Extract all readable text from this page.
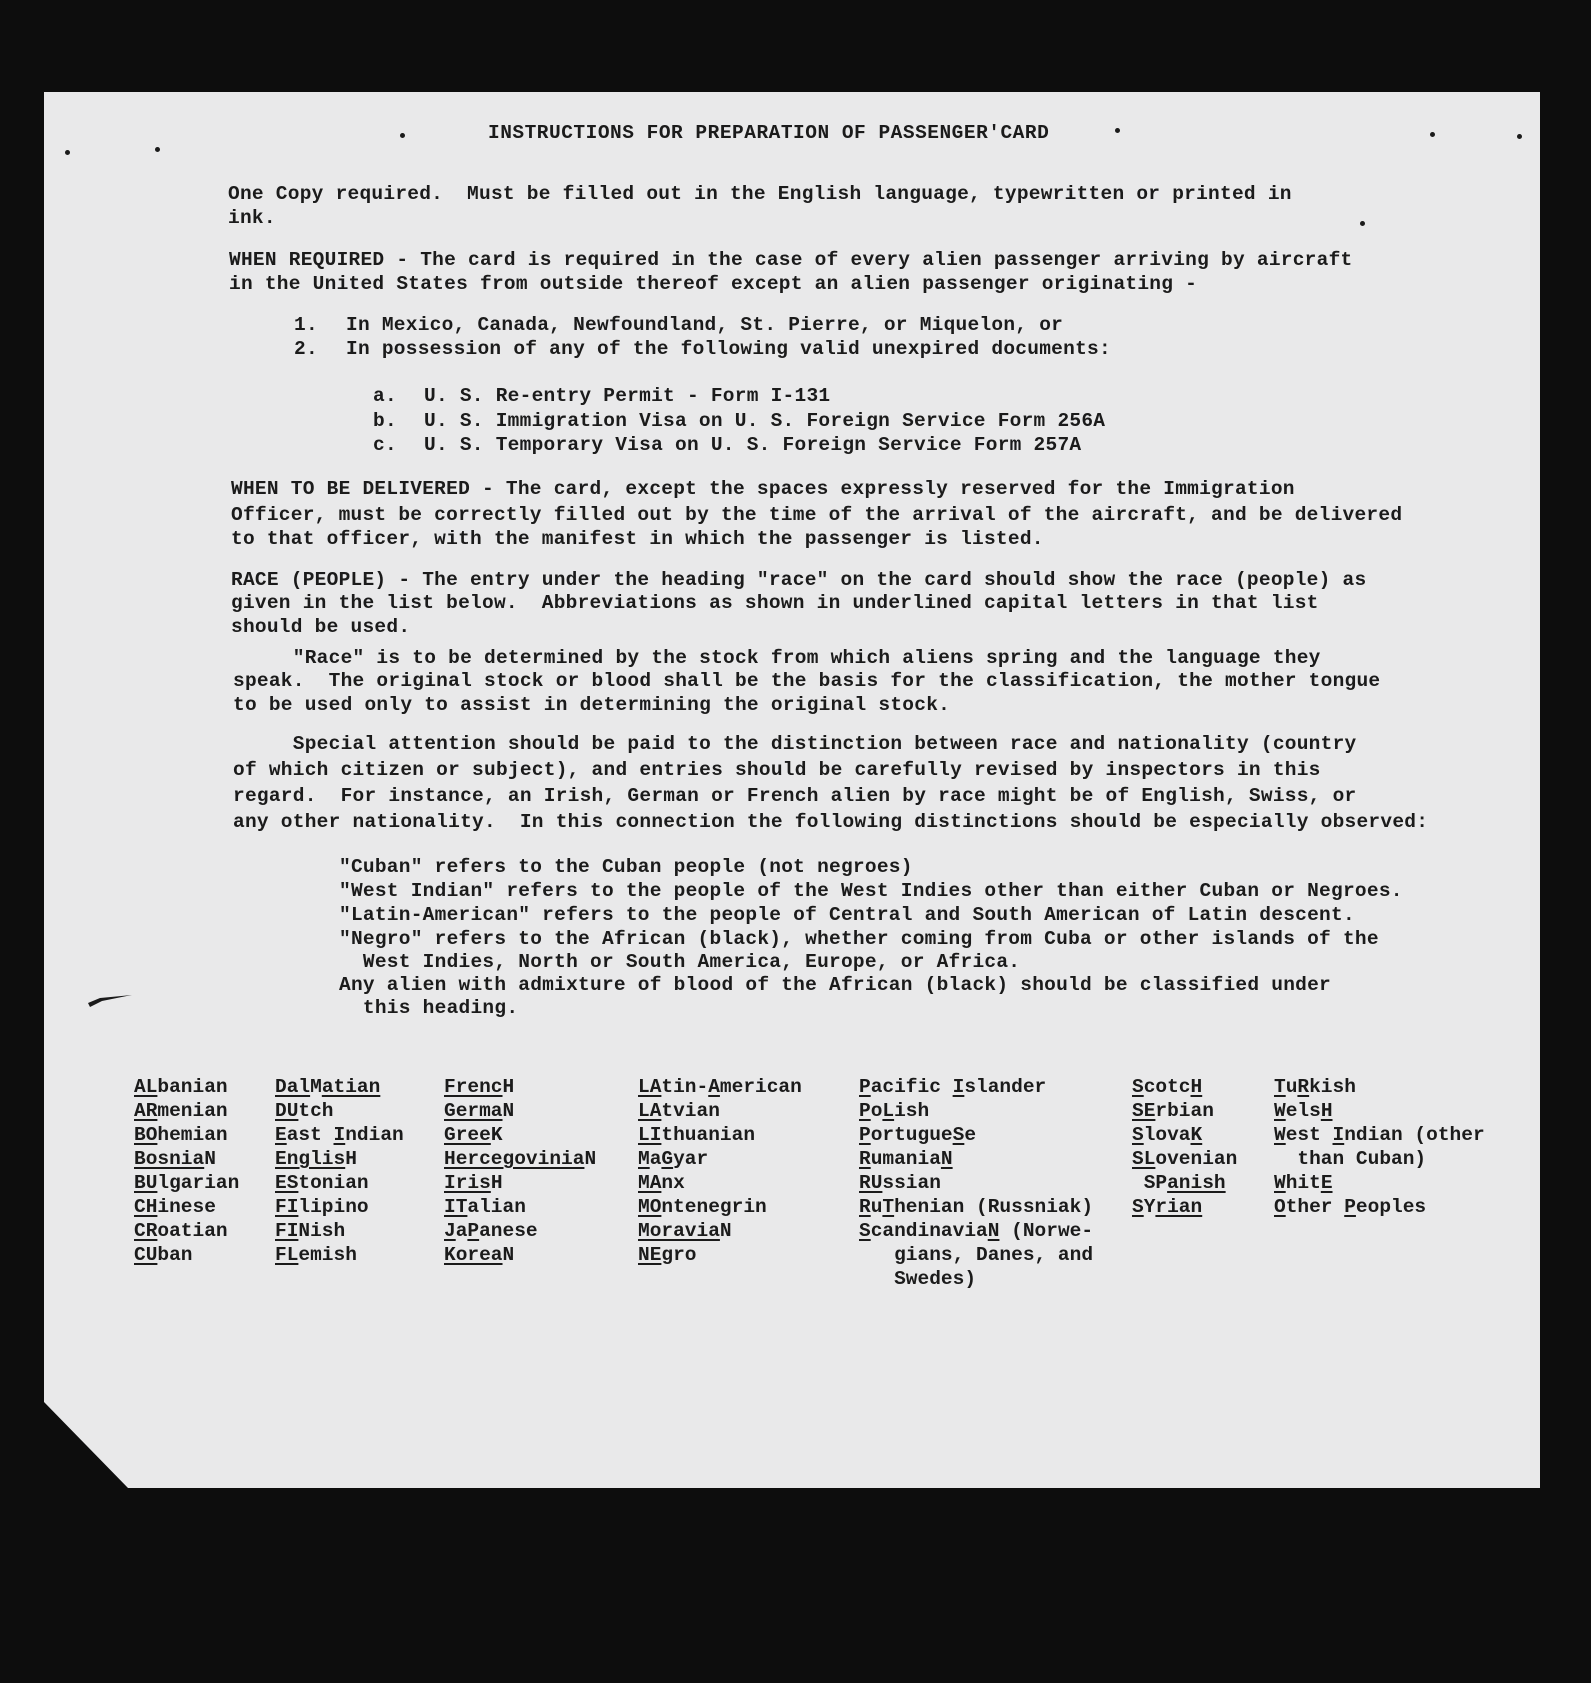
INSTRUCTIONS FOR PREPARATION OF PASSENGER'CARD
One Copy required.  Must be filled out in the English language, typewritten or printed in
ink.
WHEN REQUIRED - The card is required in the case of every alien passenger arriving by aircraft
in the United States from outside thereof except an alien passenger originating -
1. In Mexico, Canada, Newfoundland, St. Pierre, or Miquelon, or
2. In possession of any of the following valid unexpired documents:
a. U. S. Re-entry Permit - Form I-131
b. U. S. Immigration Visa on U. S. Foreign Service Form 256A
c. U. S. Temporary Visa on U. S. Foreign Service Form 257A
WHEN TO BE DELIVERED - The card, except the spaces expressly reserved for the Immigration
Officer, must be correctly filled out by the time of the arrival of the aircraft, and be delivered
to that officer, with the manifest in which the passenger is listed.
RACE (PEOPLE) - The entry under the heading "race" on the card should show the race (people) as
given in the list below.  Abbreviations as shown in underlined capital letters in that list
should be used.
"Race" is to be determined by the stock from which aliens spring and the language they
speak.  The original stock or blood shall be the basis for the classification, the mother tongue
to be used only to assist in determining the original stock.
Special attention should be paid to the distinction between race and nationality (country
of which citizen or subject), and entries should be carefully revised by inspectors in this
regard.  For instance, an Irish, German or French alien by race might be of English, Swiss, or
any other nationality.  In this connection the following distinctions should be especially observed:
"Cuban" refers to the Cuban people (not negroes)
"West Indian" refers to the people of the West Indies other than either Cuban or Negroes.
"Latin-American" refers to the people of Central and South American of Latin descent.
"Negro" refers to the African (black), whether coming from Cuba or other islands of the
West Indies, North or South America, Europe, or Africa.
Any alien with admixture of blood of the African (black) should be classified under
this heading.
ALbanian
ARmenian
BOhemian
BosniaN
BUlgarian
CHinese
CRoatian
CUban
DalMatian
DUtch
East Indian
EnglisH
EStonian
FIlipino
FINish
FLemish
FrencH
GermaN
GreeK
HercegoviniaN
IrisH
ITalian
JaPanese
KoreaN
LAtin-American
LAtvian
LIthuanian
MaGyar
MAnx
MOntenegrin
MoraviaN
NEgro
Pacific Islander
PoLish
PortugueSe
RumaniaN
RUssian
RuThenian (Russniak)
ScandinaviaN (Norwe-
gians, Danes, and
Swedes)
ScotcH
SErbian
SlovaK
SLovenian
SPanish
SYrian
TuRkish
WelsH
West Indian (other
than Cuban)
WhitE
Other Peoples
